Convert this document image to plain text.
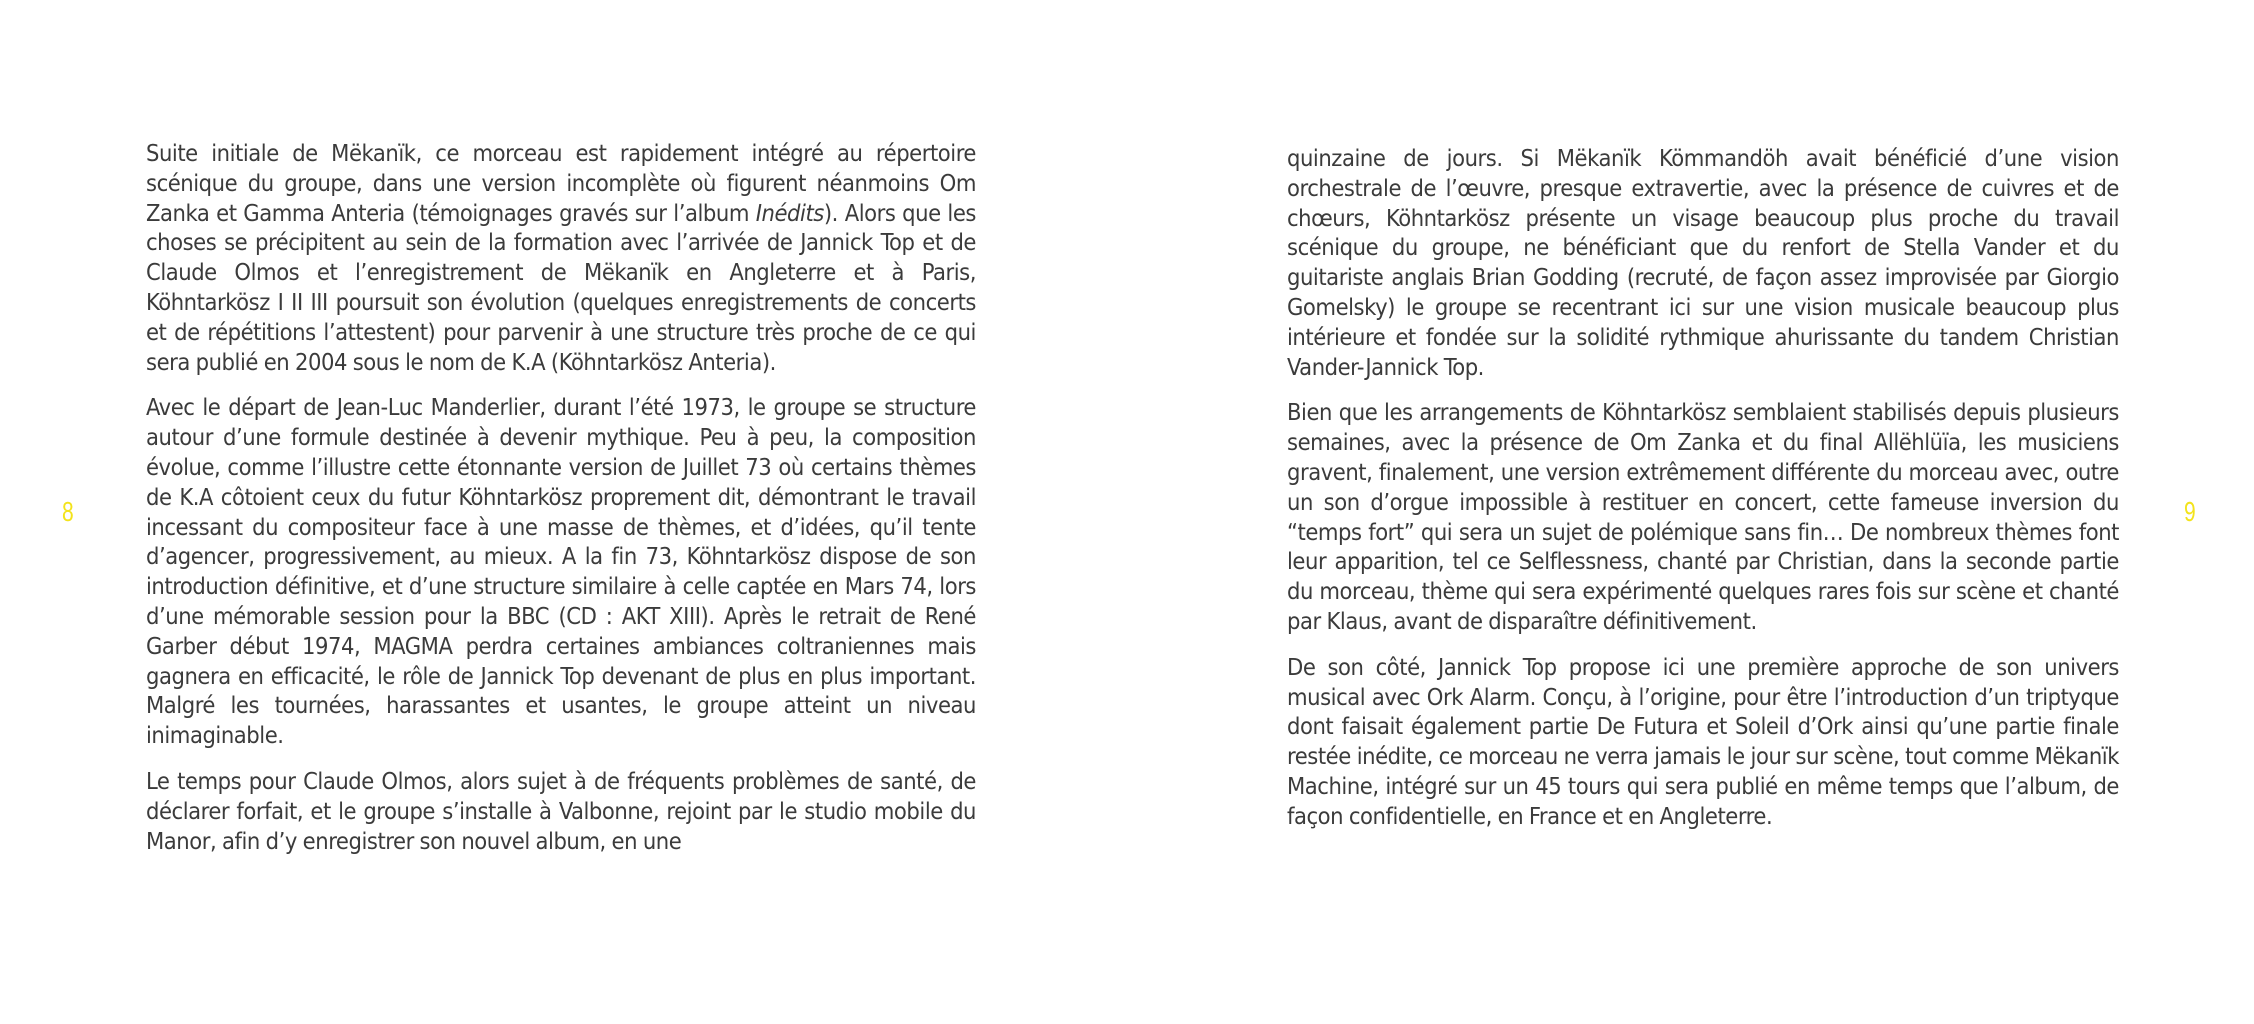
8

Suite initiale de Mëkanïk, ce morceau est rapidement intégré au répertoire scénique du groupe, dans une version incomplète où figurent néanmoins Om Zanka et Gamma Anteria (témoignages gravés sur l’album Inédits). Alors que les choses se précipitent au sein de la formation avec l’arrivée de Jannick Top et de Claude Olmos et l’enregistrement de Mëkanïk en Angleterre et à Paris, Köhntarkösz I II III poursuit son évolution (quelques enregistrements de concerts et de répétitions l’attestent) pour parvenir à une structure très proche de ce qui sera publié en 2004 sous le nom de K.A (Köhntarkösz Anteria).

Avec le départ de Jean-Luc Manderlier, durant l’été 1973, le groupe se structure autour d’une formule destinée à devenir mythique. Peu à peu, la composition évolue, comme l’illustre cette étonnante version de Juillet 73 où certains thèmes de K.A côtoient ceux du futur Köhntarkösz proprement dit, démontrant le travail incessant du compositeur face à une masse de thèmes, et d’idées, qu’il tente d’agencer, progressivement, au mieux. A la fin 73, Köhntarkösz dispose de son introduction définitive, et d’une structure similaire à celle captée en Mars 74, lors d’une mémorable session pour la BBC (CD : AKT XIII). Après le retrait de René Garber début 1974, MAGMA perdra certaines ambiances coltraniennes mais gagnera en efficacité, le rôle de Jannick Top devenant de plus en plus important. Malgré les tournées, harassantes et usantes, le groupe atteint un niveau inimaginable.

Le temps pour Claude Olmos, alors sujet à de fréquents problèmes de santé, de déclarer forfait, et le groupe s’installe à Valbonne, rejoint par le studio mobile du Manor, afin d’y enregistrer son nouvel album, en une

quinzaine de jours. Si Mëkanïk Kömmandöh avait bénéficié d’une vision orchestrale de l’œuvre, presque extravertie, avec la présence de cuivres et de chœurs, Köhntarkösz présente un visage beaucoup plus proche du travail scénique du groupe, ne bénéficiant que du renfort de Stella Vander et du guitariste anglais Brian Godding (recruté, de façon assez improvisée par Giorgio Gomelsky) le groupe se recentrant ici sur une vision musicale beaucoup plus intérieure et fondée sur la solidité rythmique ahurissante du tandem Christian Vander-Jannick Top.

Bien que les arrangements de Köhntarkösz semblaient stabilisés depuis plusieurs semaines, avec la présence de Om Zanka et du final Allëhlüïa, les musiciens gravent, finalement, une version extrêmement différente du morceau avec, outre un son d’orgue impossible à restituer en concert, cette fameuse inversion du “temps fort” qui sera un sujet de polémique sans fin… De nombreux thèmes font leur apparition, tel ce Selflessness, chanté par Christian, dans la seconde partie du morceau, thème qui sera expérimenté quelques rares fois sur scène et chanté par Klaus, avant de disparaître définitivement.

De son côté, Jannick Top propose ici une première approche de son univers musical avec Ork Alarm. Conçu, à l’origine, pour être l’introduction d’un triptyque dont faisait également partie De Futura et Soleil d’Ork ainsi qu’une partie finale restée inédite, ce morceau ne verra jamais le jour sur scène, tout comme Mëkanïk Machine, intégré sur un 45 tours qui sera publié en même temps que l’album, de façon confidentielle, en France et en Angleterre.

9
